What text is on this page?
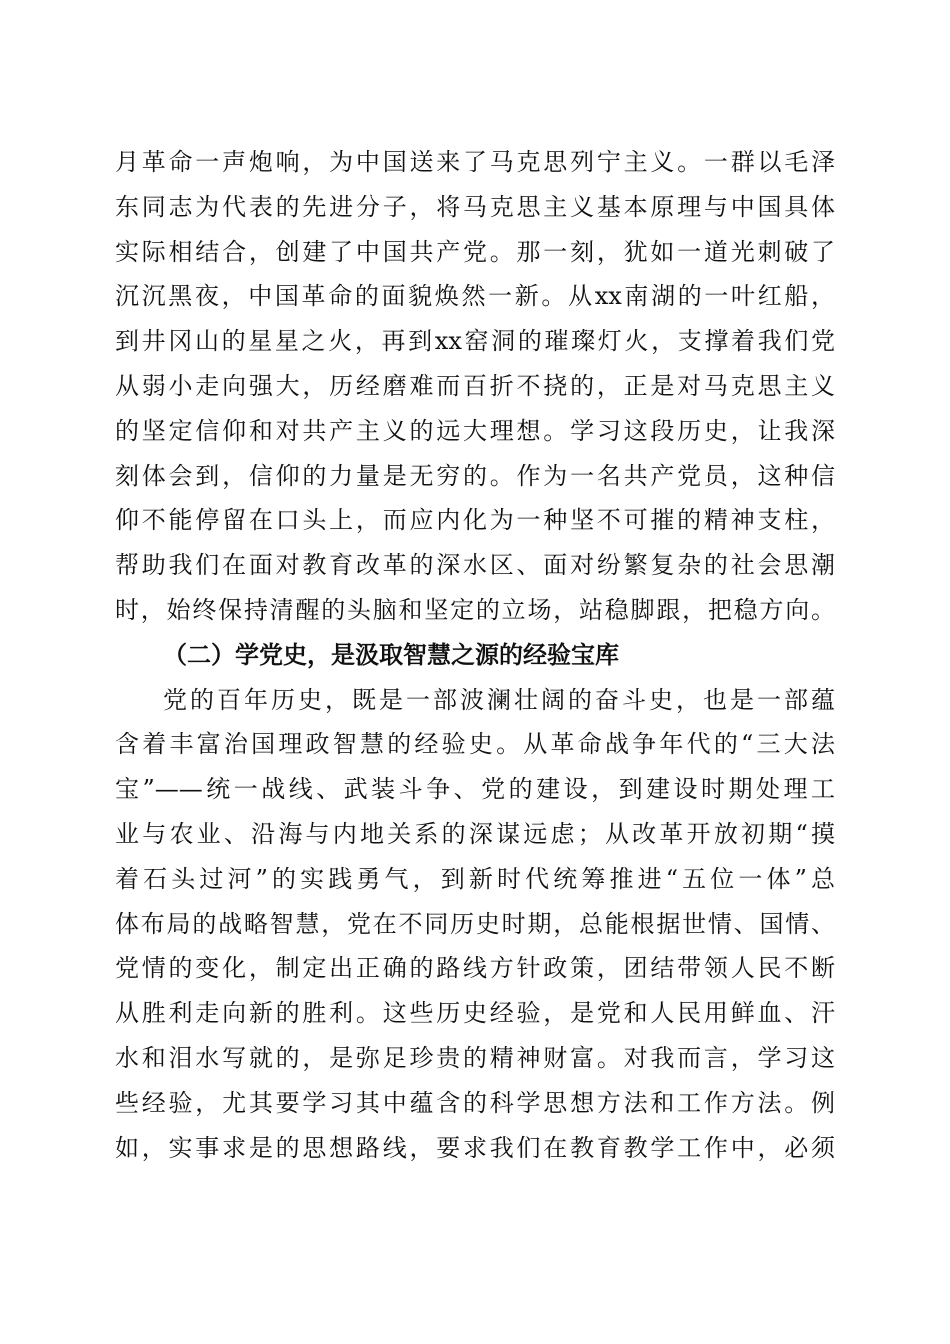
月革命一声炮响，为中国送来了马克思列宁主义。一群以毛泽
东同志为代表的先进分子，将马克思主义基本原理与中国具体
实际相结合，创建了中国共产党。那一刻，犹如一道光刺破了
沉沉黑夜，中国革命的面貌焕然一新。从xx南湖的一叶红船，
到井冈山的星星之火，再到xx窑洞的璀璨灯火，支撑着我们党
从弱小走向强大，历经磨难而百折不挠的，正是对马克思主义
的坚定信仰和对共产主义的远大理想。学习这段历史，让我深
刻体会到，信仰的力量是无穷的。作为一名共产党员，这种信
仰不能停留在口头上，而应内化为一种坚不可摧的精神支柱，
帮助我们在面对教育改革的深水区、面对纷繁复杂的社会思潮
时，始终保持清醒的头脑和坚定的立场，站稳脚跟，把稳方向。
（二）学党史，是汲取智慧之源的经验宝库
党的百年历史，既是一部波澜壮阔的奋斗史，也是一部蕴
含着丰富治国理政智慧的经验史。从革命战争年代的“三大法
宝”——统一战线、武装斗争、党的建设，到建设时期处理工
业与农业、沿海与内地关系的深谋远虑；从改革开放初期“摸
着石头过河”的实践勇气，到新时代统筹推进“五位一体”总
体布局的战略智慧，党在不同历史时期，总能根据世情、国情、
党情的变化，制定出正确的路线方针政策，团结带领人民不断
从胜利走向新的胜利。这些历史经验，是党和人民用鲜血、汗
水和泪水写就的，是弥足珍贵的精神财富。对我而言，学习这
些经验，尤其要学习其中蕴含的科学思想方法和工作方法。例
如，实事求是的思想路线，要求我们在教育教学工作中，必须
